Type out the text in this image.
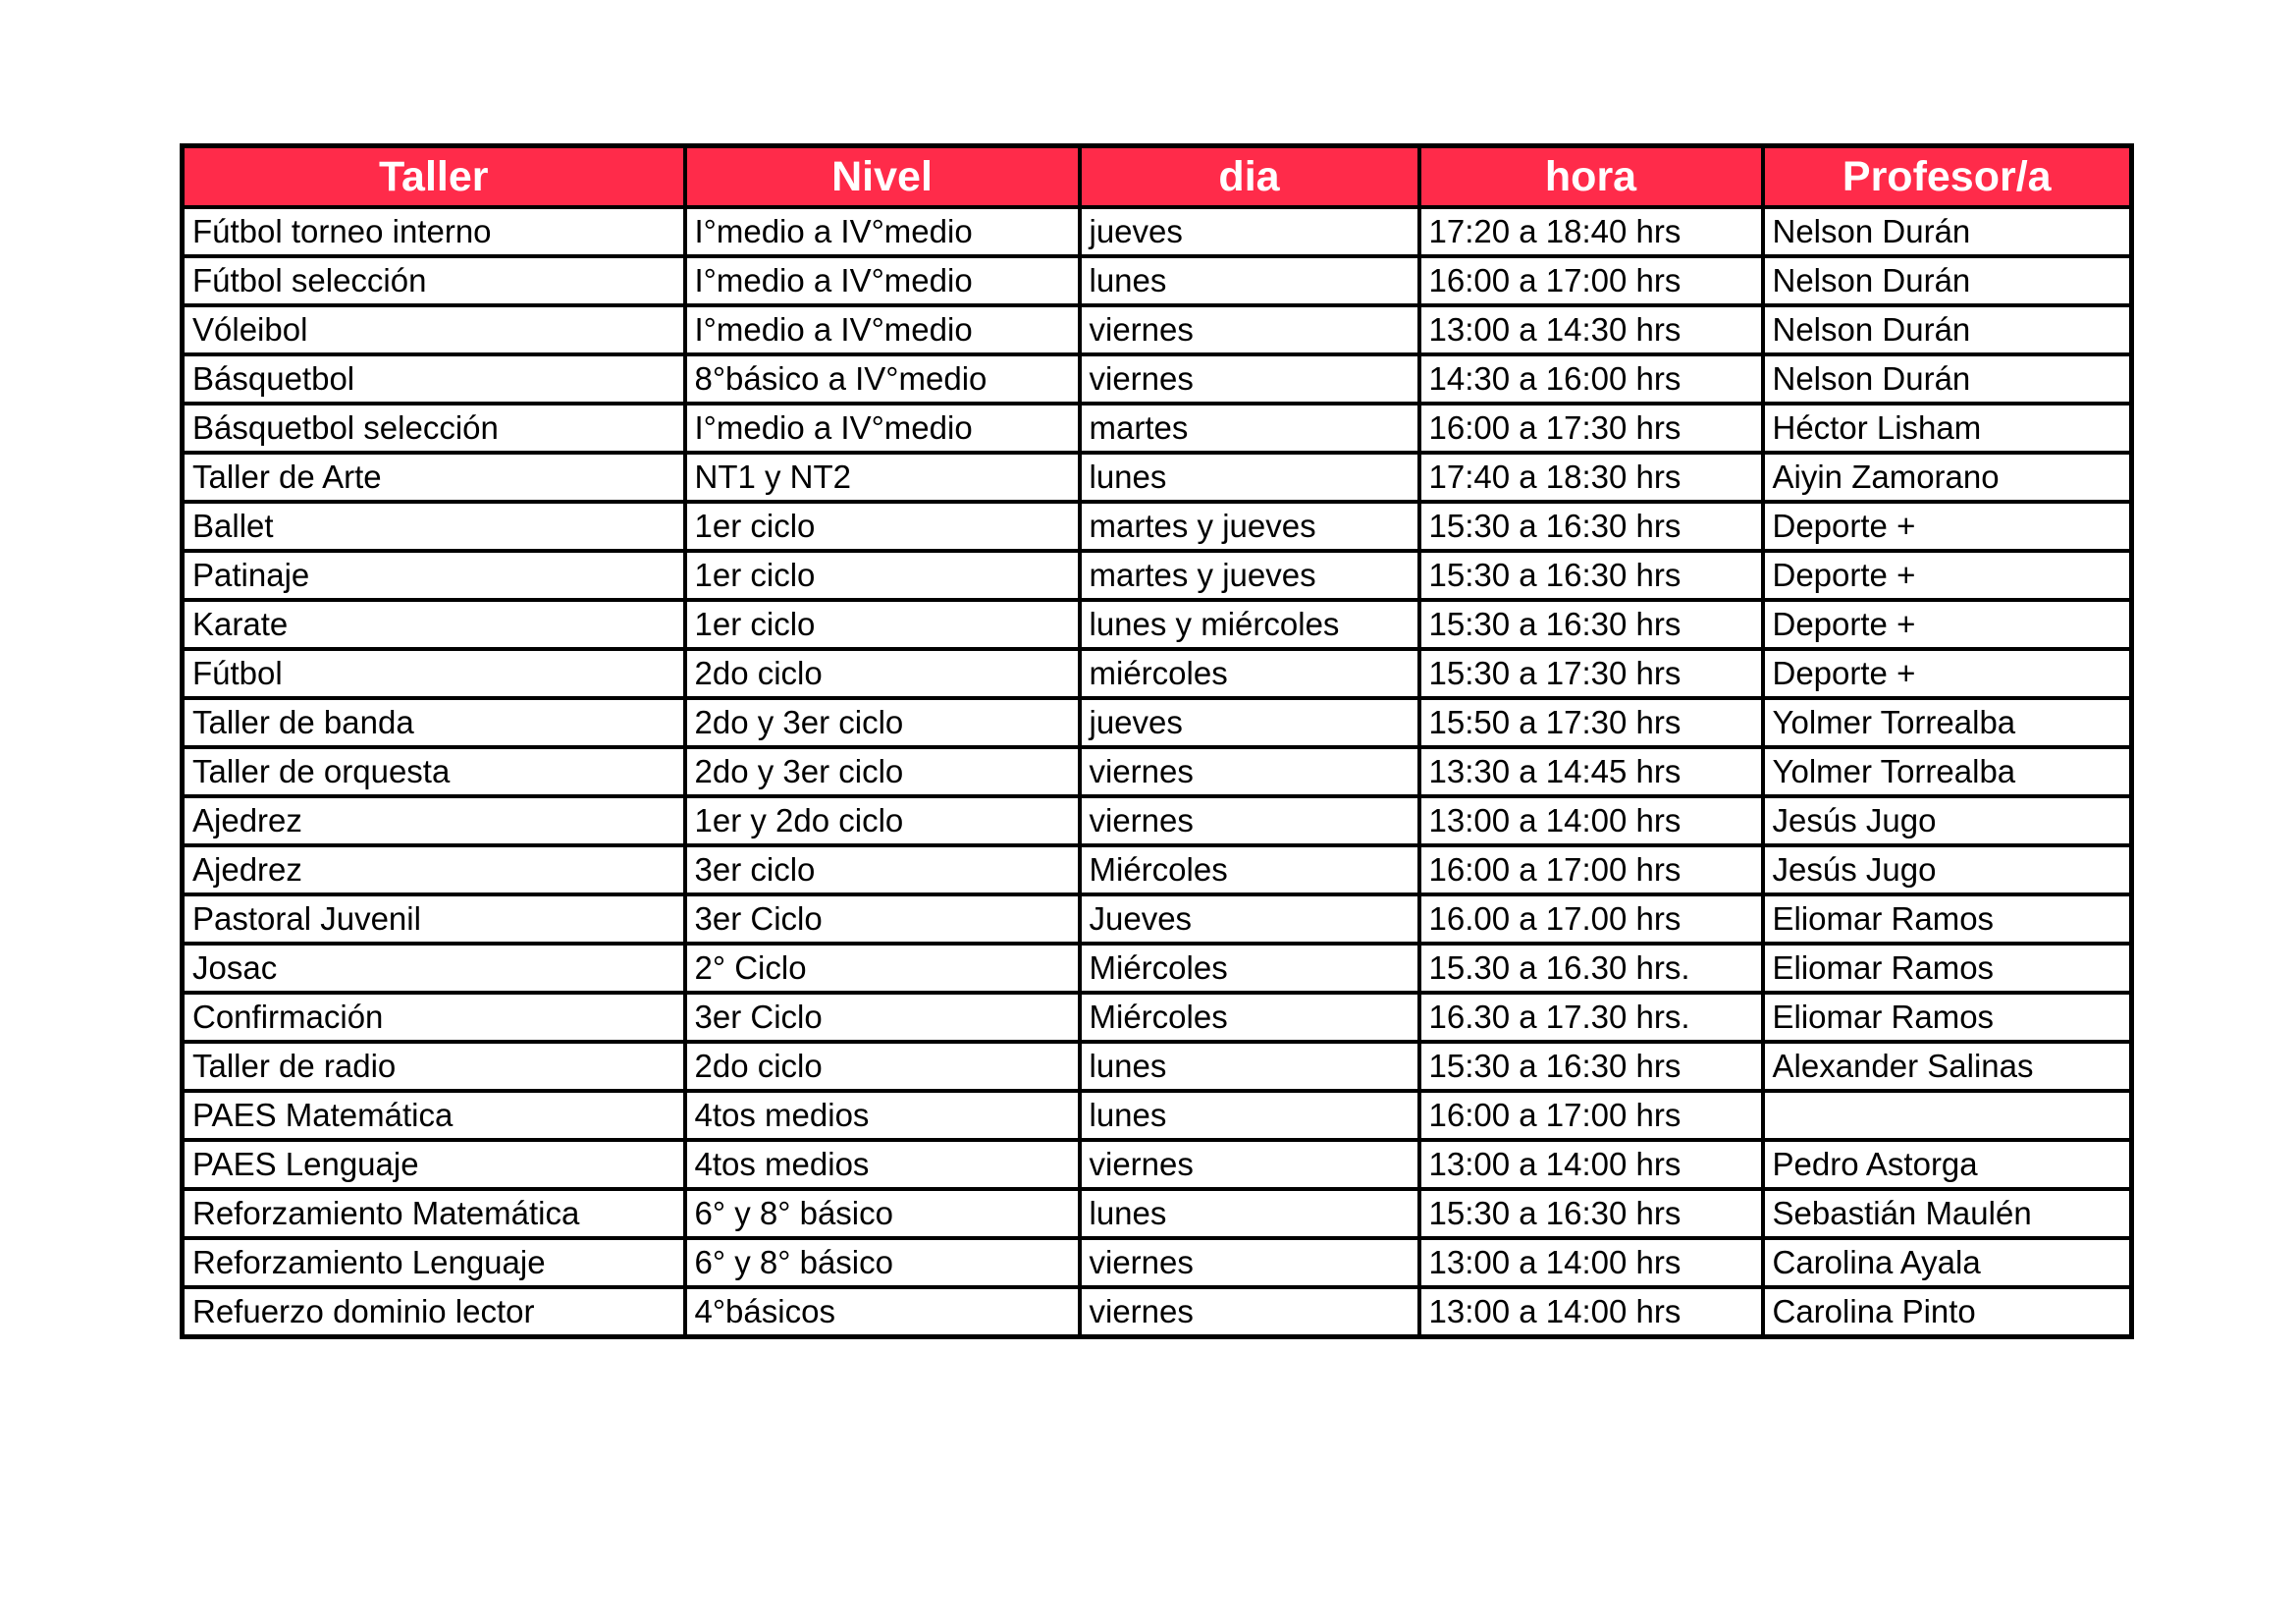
Taller	Nivel	dia	hora	Profesor/a
Fútbol torneo interno	I°medio a IV°medio	jueves	17:20 a 18:40 hrs	Nelson Durán
Fútbol selección	I°medio a IV°medio	lunes	16:00 a 17:00 hrs	Nelson Durán
Vóleibol	I°medio a IV°medio	viernes	13:00 a 14:30 hrs	Nelson Durán
Básquetbol	8°básico a IV°medio	viernes	14:30 a 16:00 hrs	Nelson Durán
Básquetbol selección	I°medio a IV°medio	martes	16:00 a 17:30 hrs	Héctor Lisham
Taller de Arte	NT1 y NT2	lunes	17:40 a 18:30 hrs	Aiyin Zamorano
Ballet	1er ciclo	martes y jueves	15:30 a 16:30 hrs	Deporte +
Patinaje	1er ciclo	martes y jueves	15:30 a 16:30 hrs	Deporte +
Karate	1er ciclo	lunes y miércoles	15:30 a 16:30 hrs	Deporte +
Fútbol	2do ciclo	miércoles	15:30 a 17:30 hrs	Deporte +
Taller de banda	2do y 3er ciclo	jueves	15:50 a 17:30 hrs	Yolmer Torrealba
Taller de orquesta	2do y 3er ciclo	viernes	13:30 a 14:45 hrs	Yolmer Torrealba
Ajedrez	1er y 2do ciclo	viernes	13:00 a 14:00 hrs	Jesús Jugo
Ajedrez	3er ciclo	Miércoles	16:00 a 17:00 hrs	Jesús Jugo
Pastoral Juvenil	3er Ciclo	Jueves	16.00 a 17.00 hrs	Eliomar Ramos
Josac	2° Ciclo	Miércoles	15.30 a 16.30 hrs.	Eliomar Ramos
Confirmación	3er Ciclo	Miércoles	16.30 a 17.30 hrs.	Eliomar Ramos
Taller de radio	2do ciclo	lunes	15:30 a 16:30 hrs	Alexander Salinas
PAES Matemática	4tos medios	lunes	16:00 a 17:00 hrs	
PAES Lenguaje	4tos medios	viernes	13:00 a 14:00 hrs	Pedro Astorga
Reforzamiento Matemática	6° y 8° básico	lunes	15:30 a 16:30 hrs	Sebastián Maulén
Reforzamiento Lenguaje	6° y 8° básico	viernes	13:00 a 14:00 hrs	Carolina Ayala
Refuerzo dominio lector	4°básicos	viernes	13:00 a 14:00 hrs	Carolina Pinto
